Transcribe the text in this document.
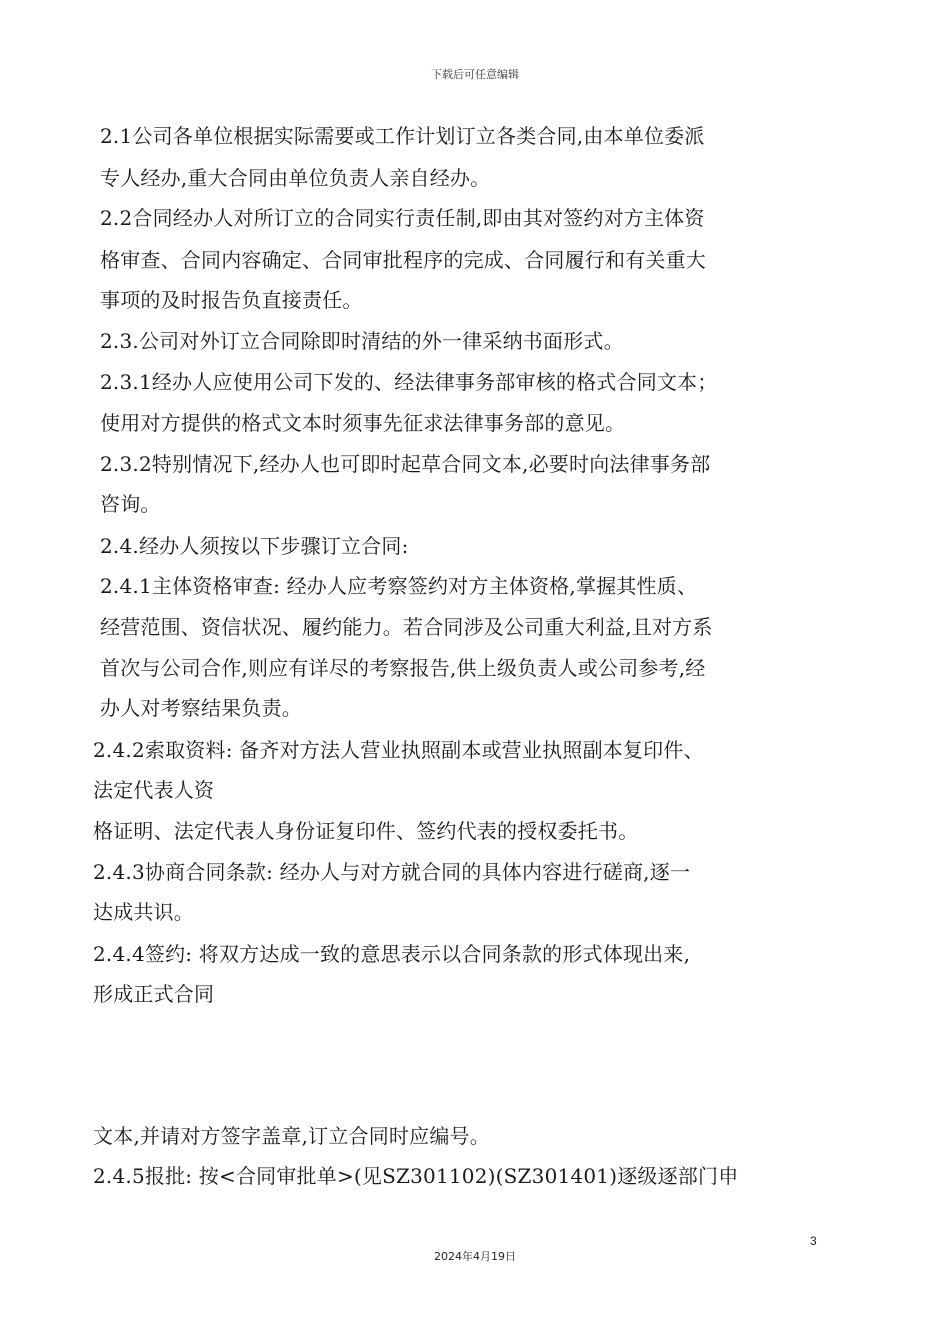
下载后可任意编辑
2.1公司各单位根据实际需要或工作计划订立各类合同,由本单位委派
专人经办,重大合同由单位负责人亲自经办。
2.2合同经办人对所订立的合同实行责任制,即由其对签约对方主体资
格审查、合同内容确定、合同审批程序的完成、合同履行和有关重大
事项的及时报告负直接责任。
2.3.公司对外订立合同除即时清结的外一律采纳书面形式。
2.3.1经办人应使用公司下发的、经法律事务部审核的格式合同文本；
使用对方提供的格式文本时须事先征求法律事务部的意见。
2.3.2特别情况下,经办人也可即时起草合同文本,必要时向法律事务部
咨询。
2.4.经办人须按以下步骤订立合同:
2.4.1主体资格审查: 经办人应考察签约对方主体资格,掌握其性质、
经营范围、资信状况、履约能力。若合同涉及公司重大利益,且对方系
首次与公司合作,则应有详尽的考察报告,供上级负责人或公司参考,经
办人对考察结果负责。
2.4.2索取资料: 备齐对方法人营业执照副本或营业执照副本复印件、
法定代表人资
格证明、法定代表人身份证复印件、签约代表的授权委托书。
2.4.3协商合同条款: 经办人与对方就合同的具体内容进行磋商,逐一
达成共识。
2.4.4签约: 将双方达成一致的意思表示以合同条款的形式体现出来,
形成正式合同
文本,并请对方签字盖章,订立合同时应编号。
2.4.5报批: 按<合同审批单>(见SZ301102)(SZ301401)逐级逐部门申
3
2024年4月19日
